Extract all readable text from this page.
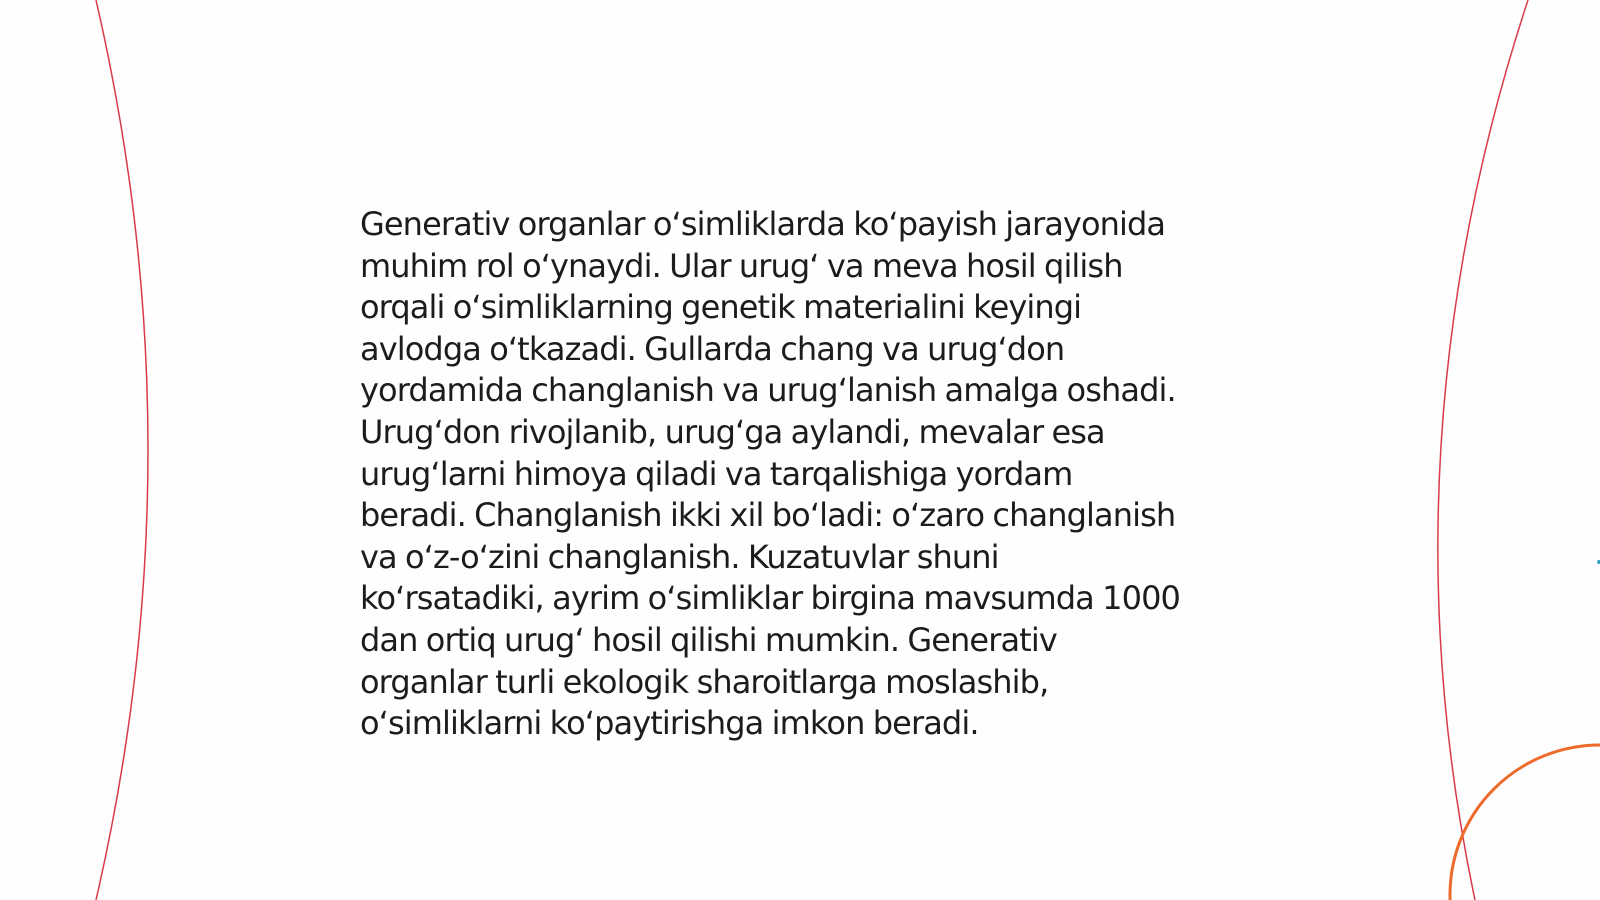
Generativ organlar o‘simliklarda ko‘payish jarayonida
muhim rol o‘ynaydi. Ular urug‘ va meva hosil qilish
orqali o‘simliklarning genetik materialini keyingi
avlodga o‘tkazadi. Gullarda chang va urug‘don
yordamida changlanish va urug‘lanish amalga oshadi.
Urug‘don rivojlanib, urug‘ga aylandi, mevalar esa
urug‘larni himoya qiladi va tarqalishiga yordam
beradi. Changlanish ikki xil bo‘ladi: o‘zaro changlanish
va o‘z-o‘zini changlanish. Kuzatuvlar shuni
ko‘rsatadiki, ayrim o‘simliklar birgina mavsumda 1000
dan ortiq urug‘ hosil qilishi mumkin. Generativ
organlar turli ekologik sharoitlarga moslashib,
o‘simliklarni ko‘paytirishga imkon beradi.
